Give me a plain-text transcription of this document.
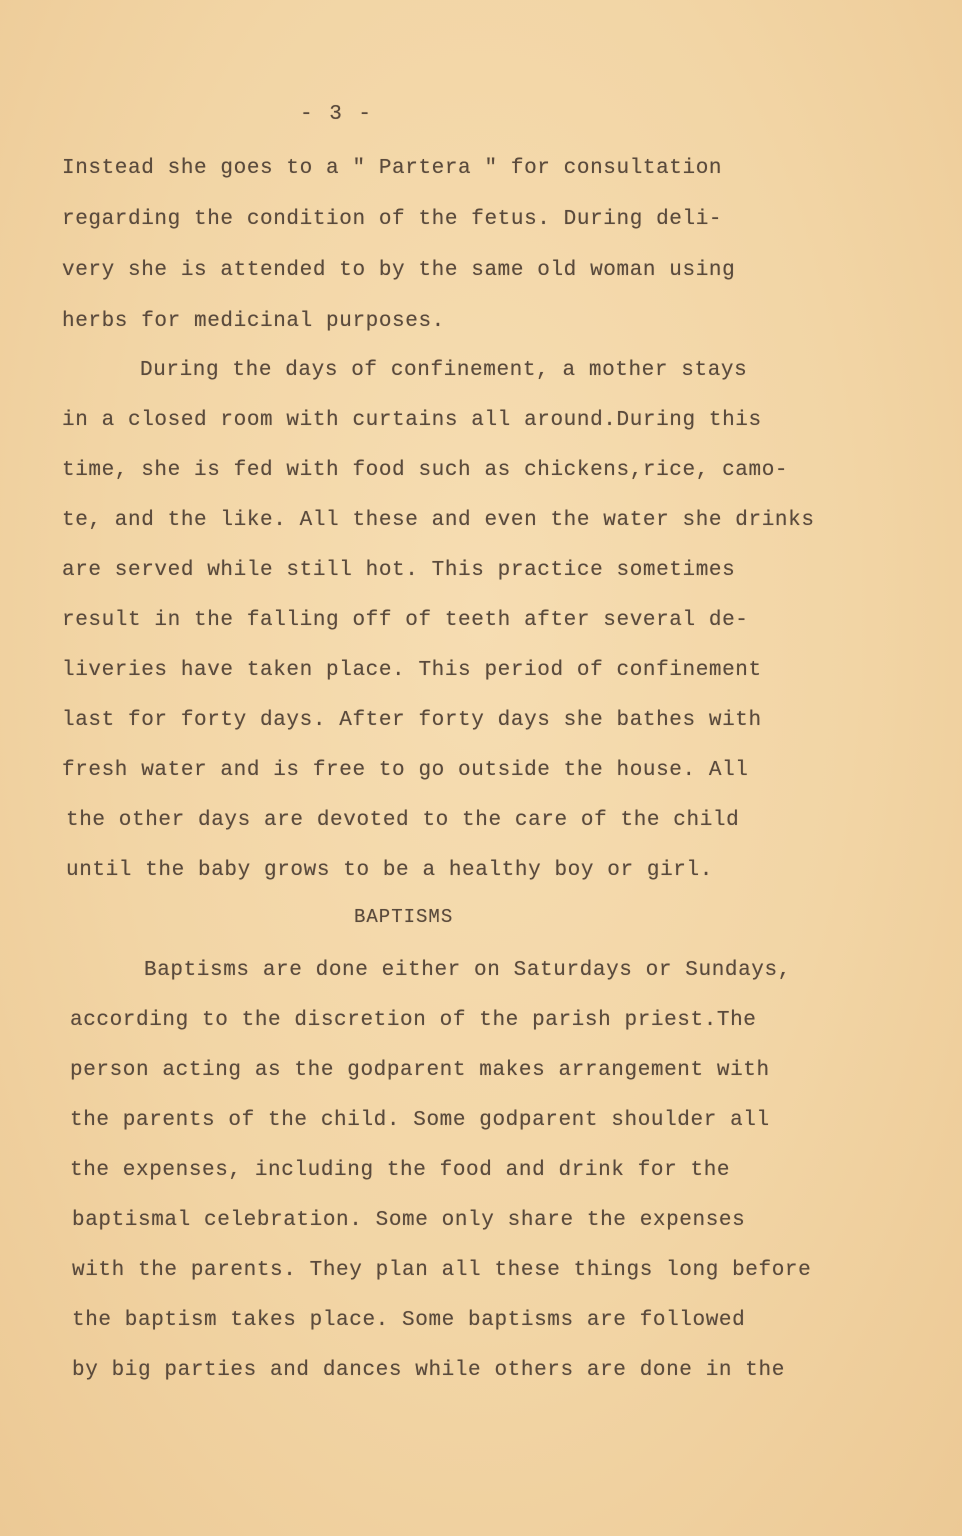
- 3 -
Instead she goes to a " Partera " for consultation
regarding the condition of the fetus. During deli-
very she is attended to by the same old woman using
herbs for medicinal purposes.
During the days of confinement, a mother stays
in a closed room with curtains all around.During this
time, she is fed with food such as chickens,rice, camo-
te, and the like. All these and even the water she drinks
are served while still hot. This practice sometimes
result in the falling off of teeth after several de-
liveries have taken place. This period of confinement
last for forty days. After forty days she bathes with
fresh water and is free to go outside the house. All
the other days are devoted to the care of the child
until the baby grows to be a healthy boy or girl.
BAPTISMS
Baptisms are done either on Saturdays or Sundays,
according to the discretion of the parish priest.The
person acting as the godparent makes arrangement with
the parents of the child. Some godparent shoulder all
the expenses, including the food and drink for the
baptismal celebration. Some only share the expenses
with the parents. They plan all these things long before
the baptism takes place. Some baptisms are followed
by big parties and dances while others are done in the
